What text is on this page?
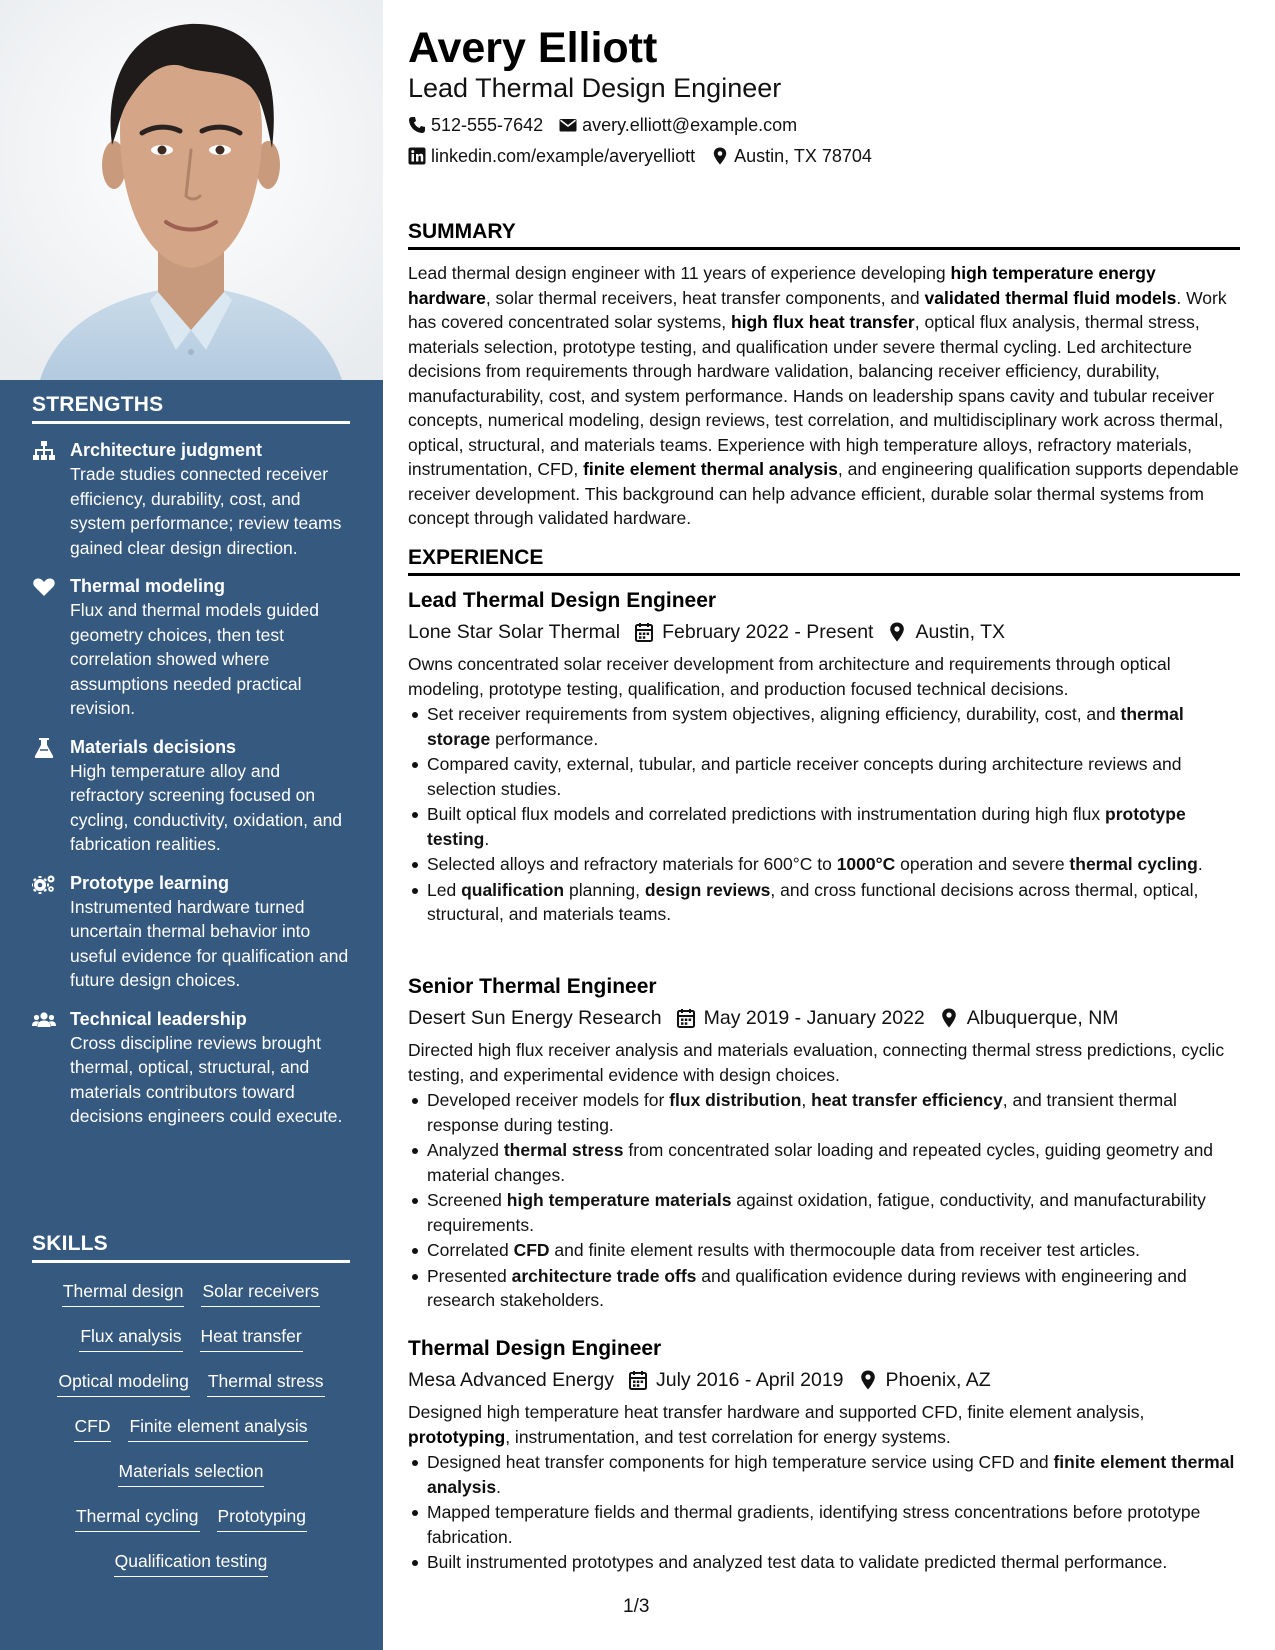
STRENGTHS
Architecture judgment
Trade studies connected receiver efficiency, durability, cost, and system performance; review teams gained clear design direction.
Thermal modeling
Flux and thermal models guided geometry choices, then test correlation showed where assumptions needed practical revision.
Materials decisions
High temperature alloy and refractory screening focused on cycling, conductivity, oxidation, and fabrication realities.
Prototype learning
Instrumented hardware turned uncertain thermal behavior into useful evidence for qualification and future design choices.
Technical leadership
Cross discipline reviews brought thermal, optical, structural, and materials contributors toward decisions engineers could execute.
SKILLS
Thermal design Solar receivers
Flux analysis Heat transfer
Optical modeling Thermal stress
CFD Finite element analysis
Materials selection
Thermal cycling Prototyping
Qualification testing
Avery Elliott
Lead Thermal Design Engineer
512-555-7642 avery.elliott@example.com
linkedin.com/example/averyelliott Austin, TX 78704
SUMMARY
Lead thermal design engineer with 11 years of experience developing high temperature energy hardware, solar thermal receivers, heat transfer components, and validated thermal fluid models. Work has covered concentrated solar systems, high flux heat transfer, optical flux analysis, thermal stress, materials selection, prototype testing, and qualification under severe thermal cycling. Led architecture decisions from requirements through hardware validation, balancing receiver efficiency, durability, manufacturability, cost, and system performance. Hands on leadership spans cavity and tubular receiver concepts, numerical modeling, design reviews, test correlation, and multidisciplinary work across thermal, optical, structural, and materials teams. Experience with high temperature alloys, refractory materials, instrumentation, CFD, finite element thermal analysis, and engineering qualification supports dependable receiver development. This background can help advance efficient, durable solar thermal systems from concept through validated hardware.
EXPERIENCE
Lead Thermal Design Engineer
Lone Star Solar Thermal February 2022 - Present Austin, TX
Owns concentrated solar receiver development from architecture and requirements through optical modeling, prototype testing, qualification, and production focused technical decisions.
Set receiver requirements from system objectives, aligning efficiency, durability, cost, and thermal storage performance.
Compared cavity, external, tubular, and particle receiver concepts during architecture reviews and selection studies.
Built optical flux models and correlated predictions with instrumentation during high flux prototype testing.
Selected alloys and refractory materials for 600°C to 1000°C operation and severe thermal cycling.
Led qualification planning, design reviews, and cross functional decisions across thermal, optical, structural, and materials teams.
Senior Thermal Engineer
Desert Sun Energy Research May 2019 - January 2022 Albuquerque, NM
Directed high flux receiver analysis and materials evaluation, connecting thermal stress predictions, cyclic testing, and experimental evidence with design choices.
Developed receiver models for flux distribution, heat transfer efficiency, and transient thermal response during testing.
Analyzed thermal stress from concentrated solar loading and repeated cycles, guiding geometry and material changes.
Screened high temperature materials against oxidation, fatigue, conductivity, and manufacturability requirements.
Correlated CFD and finite element results with thermocouple data from receiver test articles.
Presented architecture trade offs and qualification evidence during reviews with engineering and research stakeholders.
Thermal Design Engineer
Mesa Advanced Energy July 2016 - April 2019 Phoenix, AZ
Designed high temperature heat transfer hardware and supported CFD, finite element analysis, prototyping, instrumentation, and test correlation for energy systems.
Designed heat transfer components for high temperature service using CFD and finite element thermal analysis.
Mapped temperature fields and thermal gradients, identifying stress concentrations before prototype fabrication.
Built instrumented prototypes and analyzed test data to validate predicted thermal performance.
1/3
